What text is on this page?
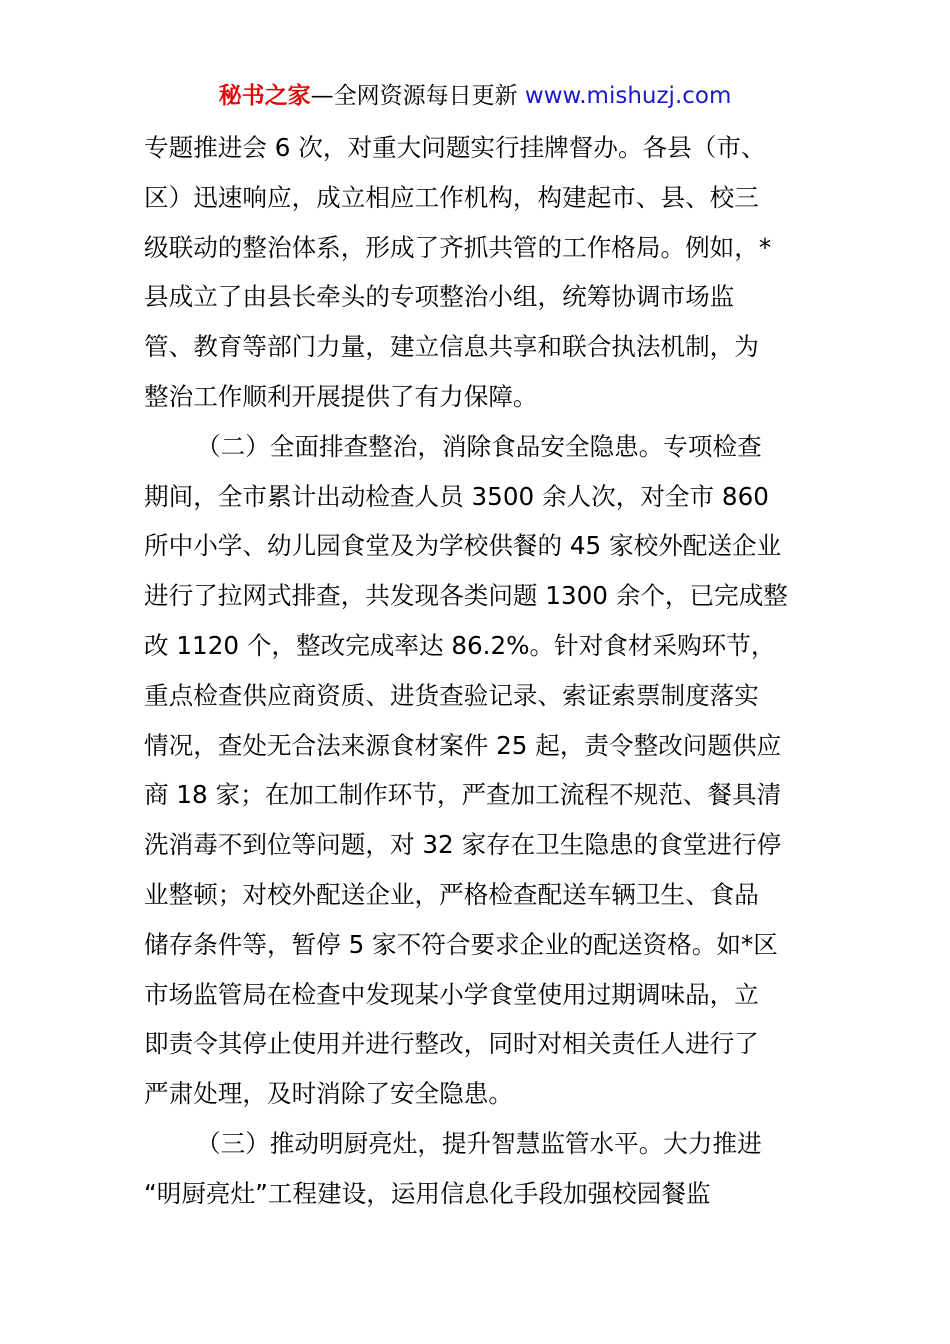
秘书之家—全网资源每日更新 www.mishuzj.com
专题推进会 6 次，对重大问题实行挂牌督办。各县（市、
区）迅速响应，成立相应工作机构，构建起市、县、校三
级联动的整治体系，形成了齐抓共管的工作格局。例如，*
县成立了由县长牵头的专项整治小组，统筹协调市场监
管、教育等部门力量，建立信息共享和联合执法机制，为
整治工作顺利开展提供了有力保障。
（二）全面排查整治，消除食品安全隐患。专项检查
期间，全市累计出动检查人员 3500 余人次，对全市 860
所中小学、幼儿园食堂及为学校供餐的 45 家校外配送企业
进行了拉网式排查，共发现各类问题 1300 余个，已完成整
改 1120 个，整改完成率达 86.2%。针对食材采购环节，
重点检查供应商资质、进货查验记录、索证索票制度落实
情况，查处无合法来源食材案件 25 起，责令整改问题供应
商 18 家；在加工制作环节，严查加工流程不规范、餐具清
洗消毒不到位等问题，对 32 家存在卫生隐患的食堂进行停
业整顿；对校外配送企业，严格检查配送车辆卫生、食品
储存条件等，暂停 5 家不符合要求企业的配送资格。如*区
市场监管局在检查中发现某小学食堂使用过期调味品，立
即责令其停止使用并进行整改，同时对相关责任人进行了
严肃处理，及时消除了安全隐患。
（三）推动明厨亮灶，提升智慧监管水平。大力推进
“明厨亮灶”工程建设，运用信息化手段加强校园餐监
